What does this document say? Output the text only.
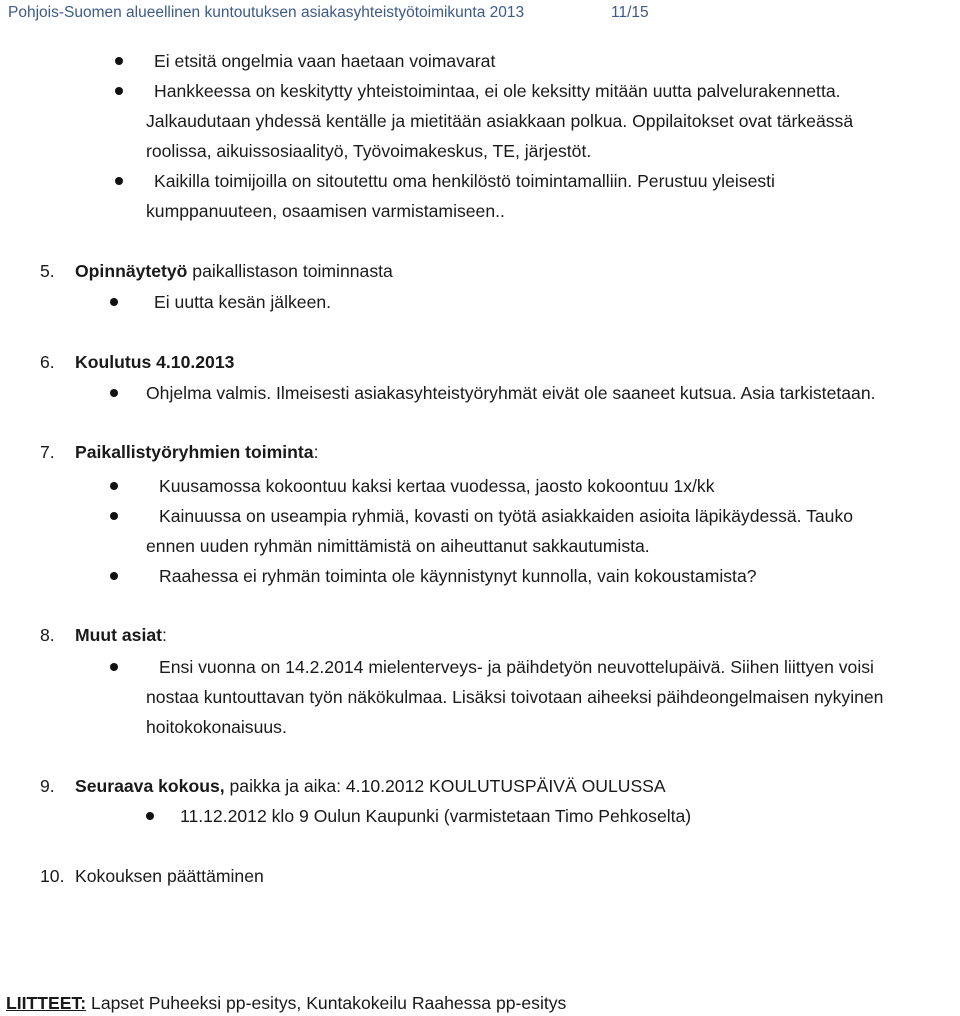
Pohjois-Suomen alueellinen kuntoutuksen asiakasyhteistyötoimikunta 2013	11/15
Ei etsitä ongelmia vaan haetaan voimavarat
Hankkeessa on keskitytty yhteistoimintaa, ei ole keksitty mitään uutta palvelurakennetta.
Jalkaudutaan yhdessä kentälle ja mietitään asiakkaan polkua. Oppilaitokset ovat tärkeässä
roolissa, aikuissosiaalityö, Työvoimakeskus, TE, järjestöt.
Kaikilla toimijoilla on sitoutettu oma henkilöstö toimintamalliin. Perustuu yleisesti
kumppanuuteen, osaamisen varmistamiseen..
5. Opinnäytetyö paikallistason toiminnasta
Ei uutta kesän jälkeen.
6. Koulutus 4.10.2013
Ohjelma valmis. Ilmeisesti asiakasyhteistyöryhmät eivät ole saaneet kutsua. Asia tarkistetaan.
7. Paikallistyöryhmien toiminta:
Kuusamossa kokoontuu kaksi kertaa vuodessa, jaosto kokoontuu 1x/kk
Kainuussa on useampia ryhmiä, kovasti on työtä asiakkaiden asioita läpikäydessä. Tauko
ennen uuden ryhmän nimittämistä on aiheuttanut sakkautumista.
Raahessa ei ryhmän toiminta ole käynnistynyt kunnolla, vain kokoustamista?
8. Muut asiat:
Ensi vuonna on 14.2.2014 mielenterveys- ja päihdetyön neuvottelupäivä. Siihen liittyen voisi
nostaa kuntouttavan työn näkökulmaa. Lisäksi toivotaan aiheeksi päihdeongelmaisen nykyinen
hoitokokonaisuus.
9. Seuraava kokous, paikka ja aika: 4.10.2012 KOULUTUSPÄIVÄ OULUSSA
11.12.2012 klo 9 Oulun Kaupunki (varmistetaan Timo Pehkoselta)
10. Kokouksen päättäminen
LIITTEET: Lapset Puheeksi pp-esitys, Kuntakokeilu Raahessa pp-esitys
